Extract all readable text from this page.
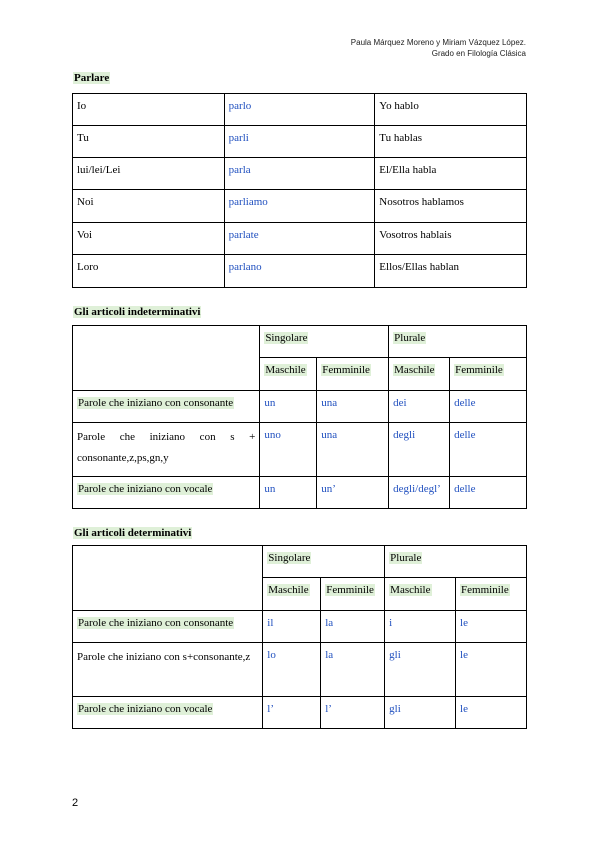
Paula Márquez Moreno y Miriam Vázquez López.
Grado en Filología Clásica
Parlare
Io	parlo	Yo hablo

Tu	parli	Tu hablas

lui/lei/Lei	parla	El/Ella habla

Noi	parliamo	Nosotros hablamos

Voi	parlate	Vosotros hablais

Loro	parlano	Ellos/Ellas hablan
Gli articoli indeterminativi

	Singolare		Plurale	

	Maschile	Femminile	Maschile	Femminile

Parole che iniziano con consonante	un	una	dei	delle

Parole che iniziano con s + consonante,z,ps,gn,y	uno	una	degli	delle

Parole che iniziano con vocale	un	un’	degli/degl’	delle
Gli articoli determinativi

	Singolare		Plurale	

	Maschile	Femminile	Maschile	Femminile

Parole che iniziano con consonante	il	la	i	le

Parole che iniziano con s+consonante,z	lo	la	gli	le

Parole che iniziano con vocale	l’	l’	gli	le
2
